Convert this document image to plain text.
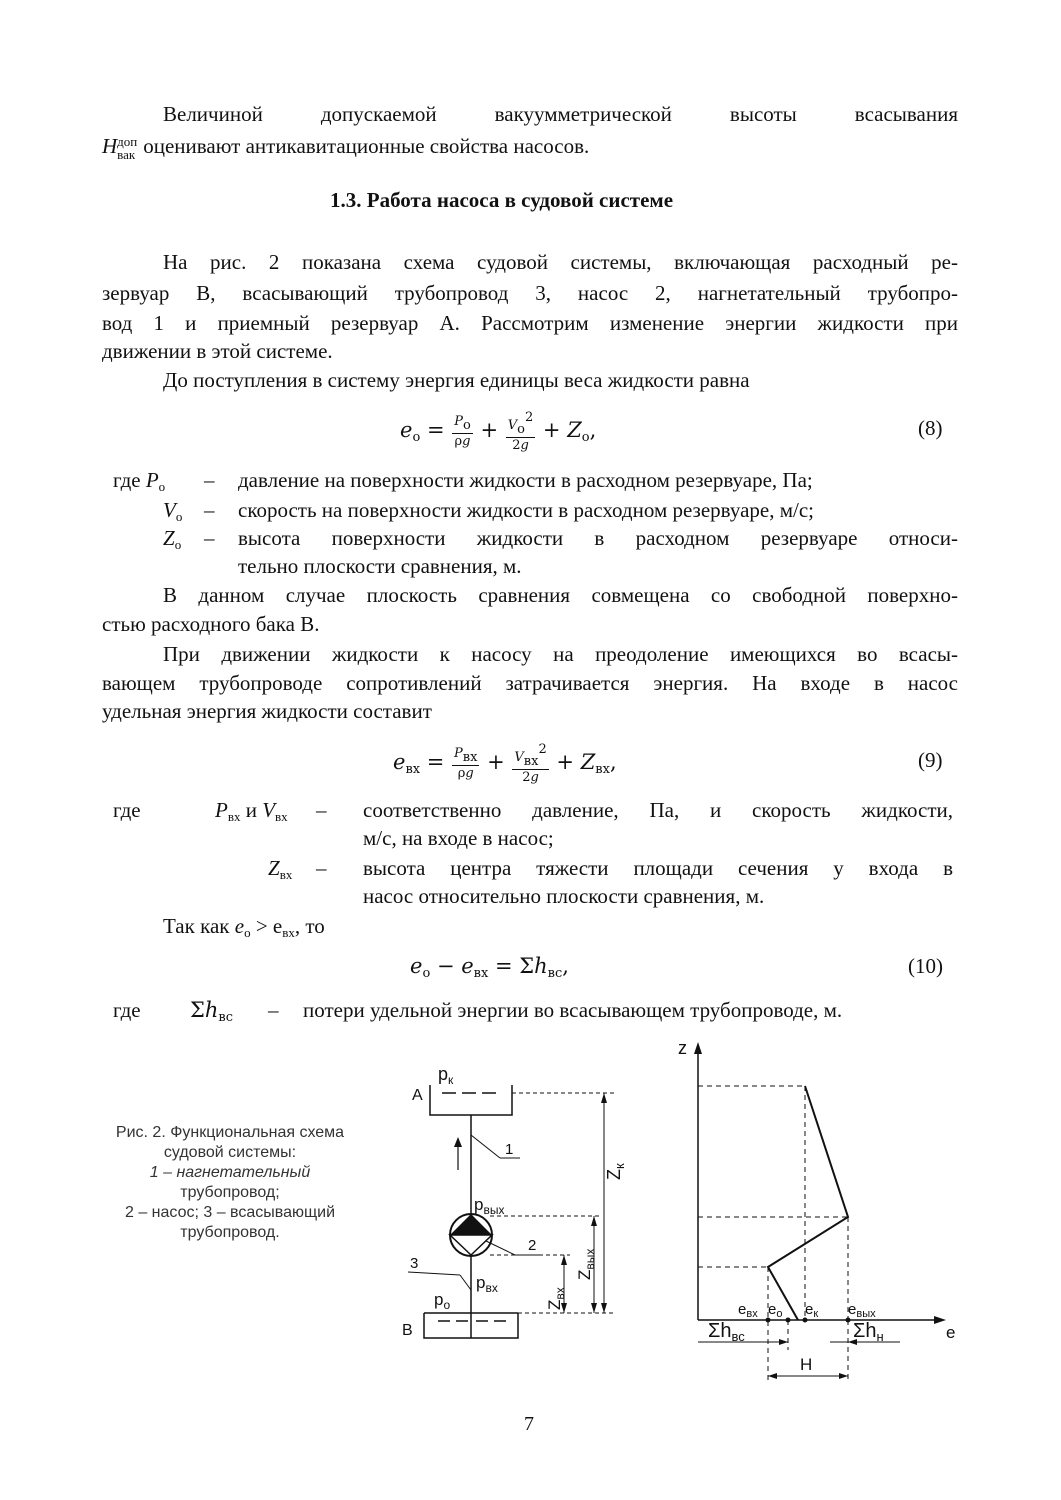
Величиной допускаемой вакуумметрической высоты всасывания
H доп
вак оценивают антикавитационные свойства насосов.
1.3. Работа насоса в судовой системе
На рис. 2 показана схема судовой системы, включающая расходный ре-
зервуар В, всасывающий трубопровод 3, насос 2, нагнетательный трубопро-
вод 1 и приемный резервуар А. Рассмотрим изменение энергии жидкости при
движении в этой системе.
До поступления в систему энергия единицы веса жидкости равна
$e_о = \frac{P_о}{\rho g} + \frac{V_о^2}{2g} + Z_о$,	(8)
где $P_о$ – давление на поверхности жидкости в расходном резервуаре, Па;
$V_о$ – скорость на поверхности жидкости в расходном резервуаре, м/с;
$Z_о$ – высота поверхности жидкости в расходном резервуаре относи-
тельно плоскости сравнения, м.
В данном случае плоскость сравнения совмещена со свободной поверхно-
стью расходного бака В.
При движении жидкости к насосу на преодоление имеющихся во всасы-
вающем трубопроводе сопротивлений затрачивается энергия. На входе в насос
удельная энергия жидкости составит
$e_{вх} = \frac{P_{вх}}{\rho g} + \frac{V_{вх}^2}{2g} + Z_{вх}$,	(9)
где	$P_{вх}$ и $V_{вх}$ – соответственно давление, Па, и скорость жидкости,
м/с, на входе в насос;
$Z_{вх}$ – высота центра тяжести площади сечения у входа в
насос относительно плоскости сравнения, м.
Так как $e_о > e_{вх}$, то
$e_о - e_{вх} = \Sigma h_{вс}$,	(10)
где $\Sigma h_{вс}$ – потери удельной энергии во всасывающем трубопроводе, м.
Рис. 2. Функциональная схема
судовой системы:
1 – нагнетательный
трубопровод;
2 – насос; 3 – всасывающий
трубопровод.
А
$p_к$
1
$p_{вых}$
2
3
$p_{вх}$
$p_о$
В
$Z_к$
$Z_{вых}$
$Z_{вх}$
z
e
$e_{вх}$ $e_о$ $e_к$ $e_{вых}$
$\Sigma h_{вс}$	$\Sigma h_н$
H
7
